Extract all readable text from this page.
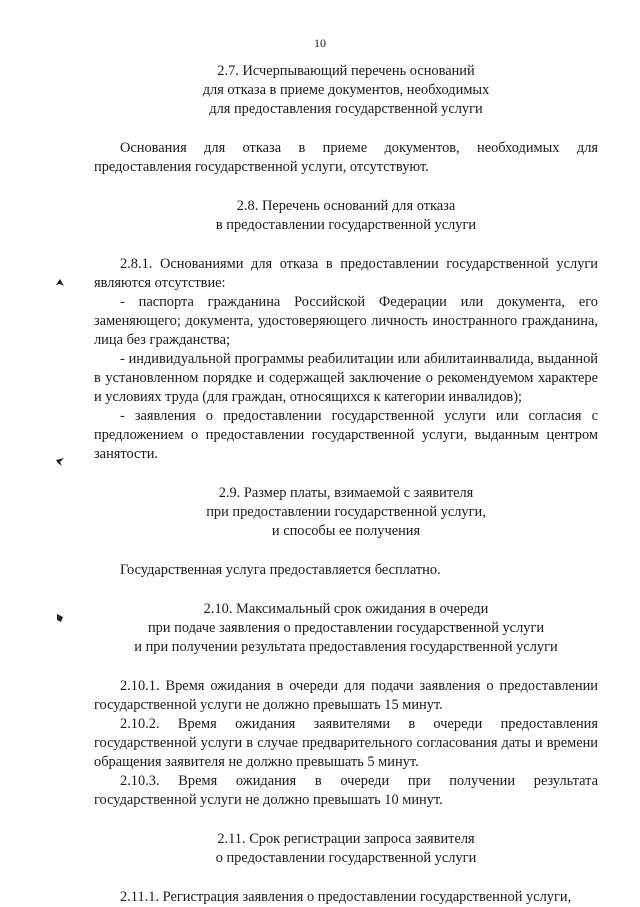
10
2.7. Исчерпывающий перечень оснований
для отказа в приеме документов, необходимых
для предоставления государственной услуги

Основания для отказа в приеме документов, необходимых для предоставления государственной услуги, отсутствуют.

2.8. Перечень оснований для отказа
в предоставлении государственной услуги

2.8.1. Основаниями для отказа в предоставлении государственной услуги являются отсутствие:

- паспорта гражданина Российской Федерации или документа, его заменяющего; документа, удостоверяющего личность иностранного гражданина, лица без гражданства;

- индивидуальной программы реабилитации или абилитаинвалида, выданной в установленном порядке и содержащей заключение о рекомендуемом характере и условиях труда (для граждан, относящихся к категории инвалидов);

- заявления о предоставлении государственной услуги или согласия с предложением о предоставлении государственной услуги, выданным центром занятости.

2.9. Размер платы, взимаемой с заявителя
при предоставлении государственной услуги,
и способы ее получения

Государственная услуга предоставляется бесплатно.

2.10. Максимальный срок ожидания в очереди
при подаче заявления о предоставлении государственной услуги
и при получении результата предоставления государственной услуги

2.10.1. Время ожидания в очереди для подачи заявления о предоставлении государственной услуги не должно превышать 15 минут.

2.10.2. Время ожидания заявителями в очереди предоставления государственной услуги в случае предварительного согласования даты и времени обращения заявителя не должно превышать 5 минут.

2.10.3. Время ожидания в очереди при получении результата государственной услуги не должно превышать 10 минут.

2.11. Срок регистрации запроса заявителя
о предоставлении государственной услуги

2.11.1. Регистрация заявления о предоставлении государственной услуги,
